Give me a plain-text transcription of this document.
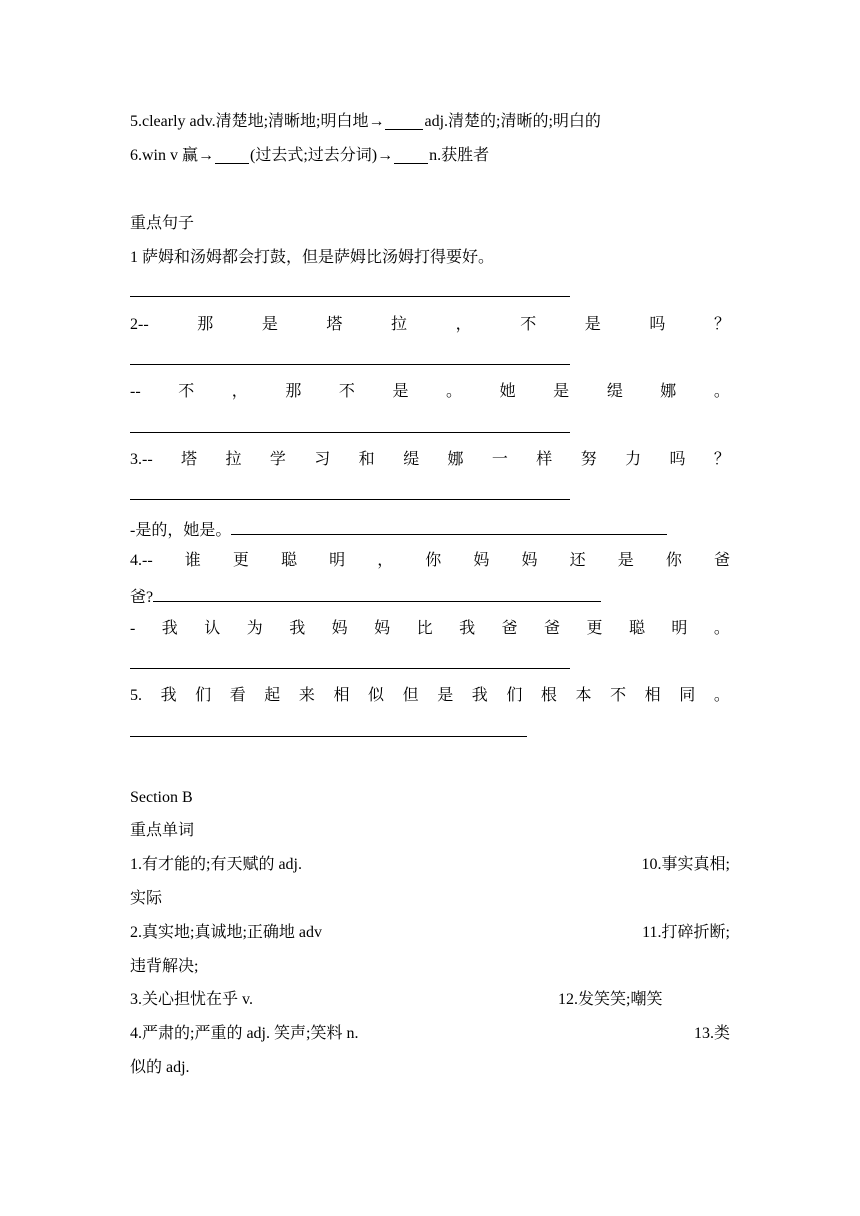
5.clearly adv.清楚地;清晰地;明白地→	adj.清楚的;清晰的;明白的
6.win v 赢→ (过去式;过去分词)→ n.获胜者
重点句子
1 萨姆和汤姆都会打鼓，但是萨姆比汤姆打得要好。
2--	那	是	塔	拉	，	不	是	吗	？
-- 不 ， 那 不 是 。 她 是 缇 娜 。
3.-- 塔 拉 学 习 和 缇 娜 一 样 努 力 吗 ？
-是的，她是。
4.-- 谁 更 聪 明 ， 你 妈 妈 还 是 你 爸
爸?
- 我 认 为 我 妈 妈 比 我 爸 爸 更 聪 明 。
5. 我 们 看 起 来 相 似 但 是 我 们 根 本 不 相 同 。
Section B
重点单词
1.有才能的;有天赋的 adj.	10.事实真相;
实际
2.真实地;真诚地;正确地 adv	11.打碎折断;
违背解决;
3.关心担忧在乎 v.	12.发笑笑;嘲笑
4.严肃的;严重的 adj. 笑声;笑料 n.	13.类
似的 adj.
